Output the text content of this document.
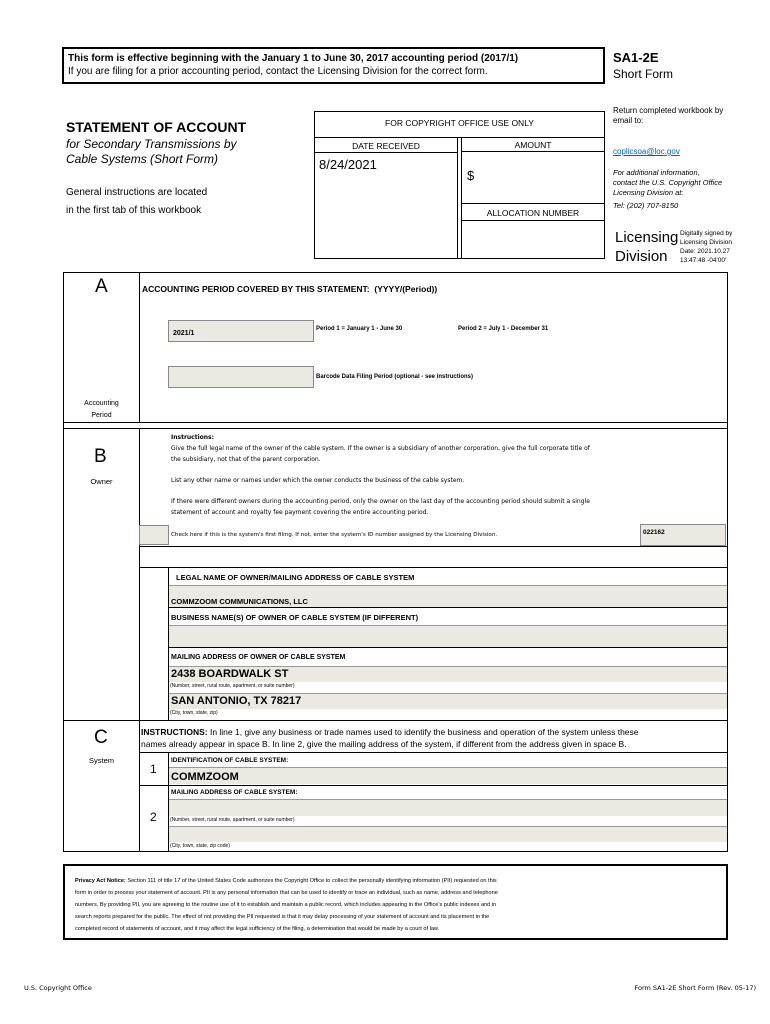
This form is effective beginning with the January 1 to June 30, 2017 accounting period (2017/1)
If you are filing for a prior accounting period, contact the Licensing Division for the correct form.
SA1-2E
Short Form
Return completed workbook by email to:
coplicsoa@loc.gov
For additional information, contact the U.S. Copyright Office Licensing Division at:
Tel: (202) 707-8150
STATEMENT OF ACCOUNT
for Secondary Transmissions by
Cable Systems (Short Form)
General instructions are located
in the first tab of this workbook
FOR COPYRIGHT OFFICE USE ONLY
DATE RECEIVED	AMOUNT
8/24/2021
$
ALLOCATION NUMBER
Licensing
Division
Digitally signed by
Licensing Division
Date: 2021.10.27
13:47:48 -04'00'
A	ACCOUNTING PERIOD COVERED BY THIS STATEMENT: (YYYY/(Period))
2021/1
Period 1 = January 1 - June 30	Period 2 = July 1 - December 31
Barcode Data Filing Period (optional - see instructions)
Accounting
Period
B
Owner
Instructions:
Give the full legal name of the owner of the cable system. If the owner is a subsidiary of another corporation, give the full corporate title of
the subsidiary, not that of the parent corporation.
List any other name or names under which the owner conducts the business of the cable system.
If there were different owners during the accounting period, only the owner on the last day of the accounting period should submit a single
statement of account and royalty fee payment covering the entire accounting period.
Check here if this is the system's first filing. If not, enter the system's ID number assigned by the Licensing Division.	022162
LEGAL NAME OF OWNER/MAILING ADDRESS OF CABLE SYSTEM
COMMZOOM COMMUNICATIONS, LLC
BUSINESS NAME(S) OF OWNER OF CABLE SYSTEM (IF DIFFERENT)
MAILING ADDRESS OF OWNER OF CABLE SYSTEM
2438 BOARDWALK ST
(Number, street, rural route, apartment, or suite number)
SAN ANTONIO, TX 78217
(City, town, state, zip)
C
System
INSTRUCTIONS: In line 1, give any business or trade names used to identify the business and operation of the system unless these
names already appear in space B. In line 2, give the mailing address of the system, if different from the address given in space B.
1
IDENTIFICATION OF CABLE SYSTEM:
COMMZOOM
MAILING ADDRESS OF CABLE SYSTEM:
2	(Number, street, rural route, apartment, or suite number)
(City, town, state, zip code)
Privacy Act Notice: Section 111 of title 17 of the United States Code authorizes the Copyright Office to collect the personally identifying information (PII) requested on this
form in order to process your statement of account. PII is any personal information that can be used to identify or trace an individual, such as name, address and telephone
numbers. By providing PII, you are agreeing to the routine use of it to establish and maintain a public record, which includes appearing in the Office's public indexes and in
search reports prepared for the public. The effect of not providing the PII requested is that it may delay processing of your statement of account and its placement in the
completed record of statements of account, and it may affect the legal sufficiency of the filing, a determination that would be made by a court of law.
U.S. Copyright Office	Form SA1-2E Short Form (Rev. 05-17)
